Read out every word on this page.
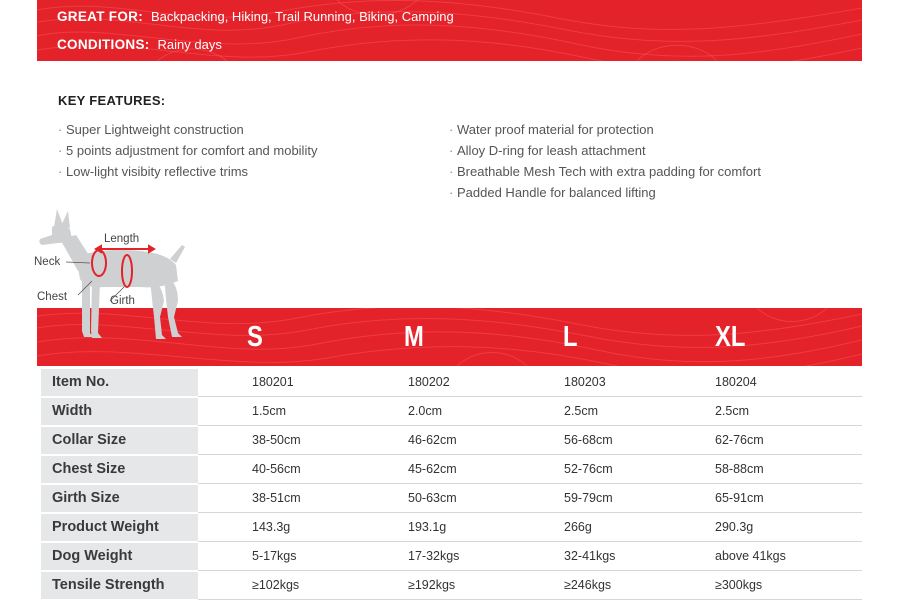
GREAT FOR: Backpacking, Hiking, Trail Running, Biking, Camping
CONDITIONS: Rainy days
KEY FEATURES:
· Super Lightweight construction
· 5 points adjustment for comfort and mobility
· Low-light visibity reflective trims
· Water proof material for protection
· Alloy D-ring for leash attachment
· Breathable Mesh Tech with extra padding for comfort
· Padded Handle for balanced lifting
S	M	L	XL
Length
Neck
Chest	Girth
Item No.	180201	180202	180203	180204
Width	1.5cm	2.0cm	2.5cm	2.5cm
Collar Size	38-50cm	46-62cm	56-68cm	62-76cm
Chest Size	40-56cm	45-62cm	52-76cm	58-88cm
Girth Size	38-51cm	50-63cm	59-79cm	65-91cm
Product Weight	143.3g	193.1g	266g	290.3g
Dog Weight	5-17kgs	17-32kgs	32-41kgs	above 41kgs
Tensile Strength	≥102kgs	≥192kgs	≥246kgs	≥300kgs
